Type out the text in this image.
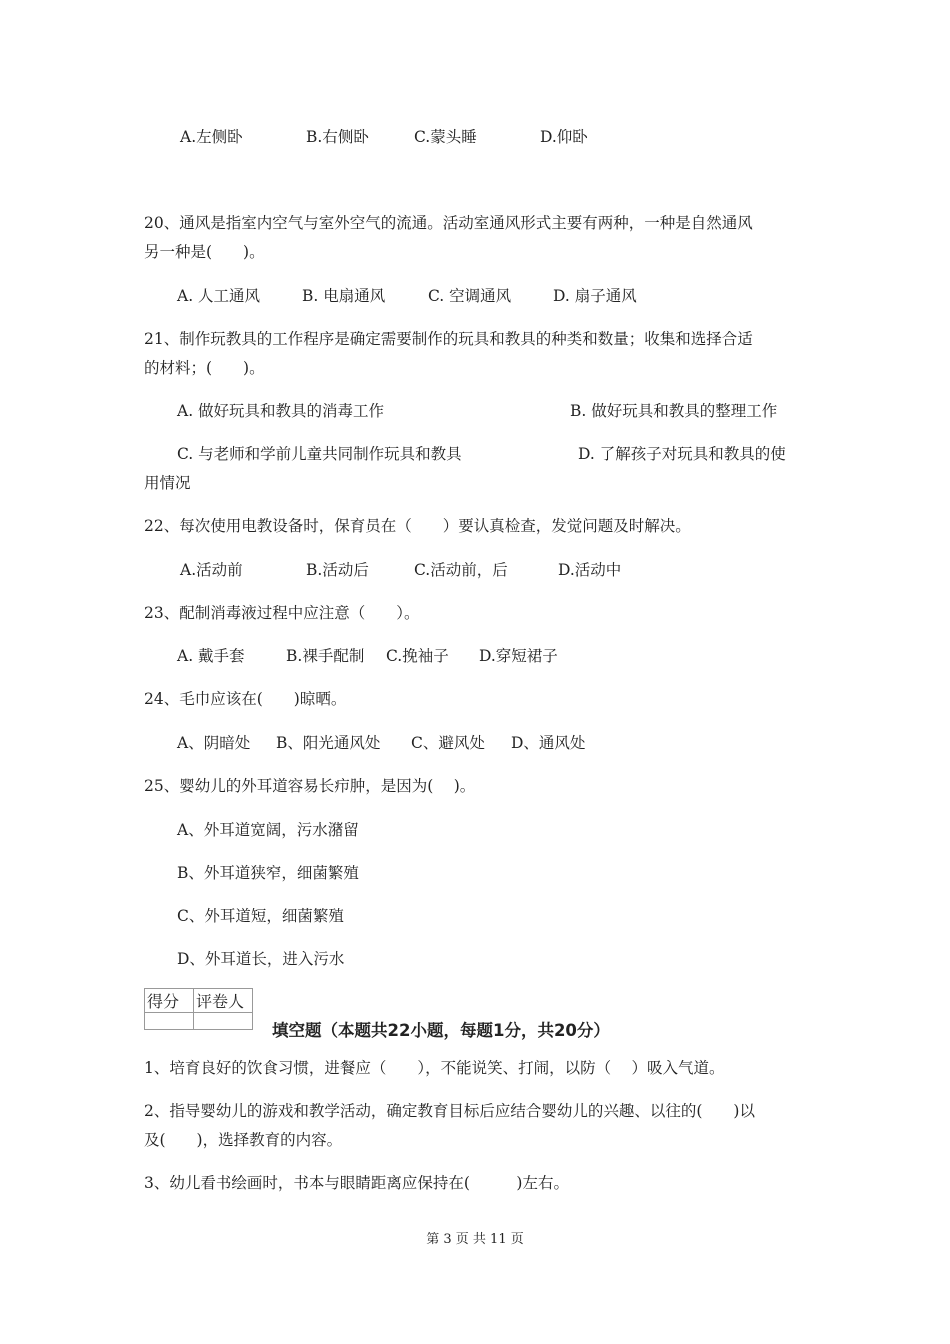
A.左侧卧	B.右侧卧	C.蒙头睡	D.仰卧
20、通风是指室内空气与室外空气的流通。活动室通风形式主要有两种，一种是自然通风
另一种是(　　)。
A. 人工通风	B. 电扇通风	C. 空调通风	D. 扇子通风
21、制作玩教具的工作程序是确定需要制作的玩具和教具的种类和数量；收集和选择合适
的材料；(　　)。
A. 做好玩具和教具的消毒工作	B. 做好玩具和教具的整理工作
C. 与老师和学前儿童共同制作玩具和教具	D. 了解孩子对玩具和教具的使
用情况
22、每次使用电教设备时，保育员在（　　）要认真检查，发觉问题及时解决。
A.活动前	B.活动后	C.活动前，后	D.活动中
23、配制消毒液过程中应注意（　　）。
A. 戴手套	B.裸手配制 C.挽袖子 D.穿短裙子
24、毛巾应该在(　　)晾晒。
A、阴暗处 B、阳光通风处 C、避风处 D、通风处
25、婴幼儿的外耳道容易长疖肿，是因为(　 )。
A、外耳道宽阔，污水潴留
B、外耳道狭窄，细菌繁殖
C、外耳道短，细菌繁殖
D、外耳道长，进入污水
得分	评卷人

填空题（本题共22小题，每题1分，共20分）
1、培育良好的饮食习惯，进餐应（　　），不能说笑、打闹，以防（　 ）吸入气道。
2、指导婴幼儿的游戏和教学活动，确定教育目标后应结合婴幼儿的兴趣、以往的(　　)以
及(　　)，选择教育的内容。
3、幼儿看书绘画时，书本与眼睛距离应保持在(　　　)左右。
第 3 页 共 11 页
